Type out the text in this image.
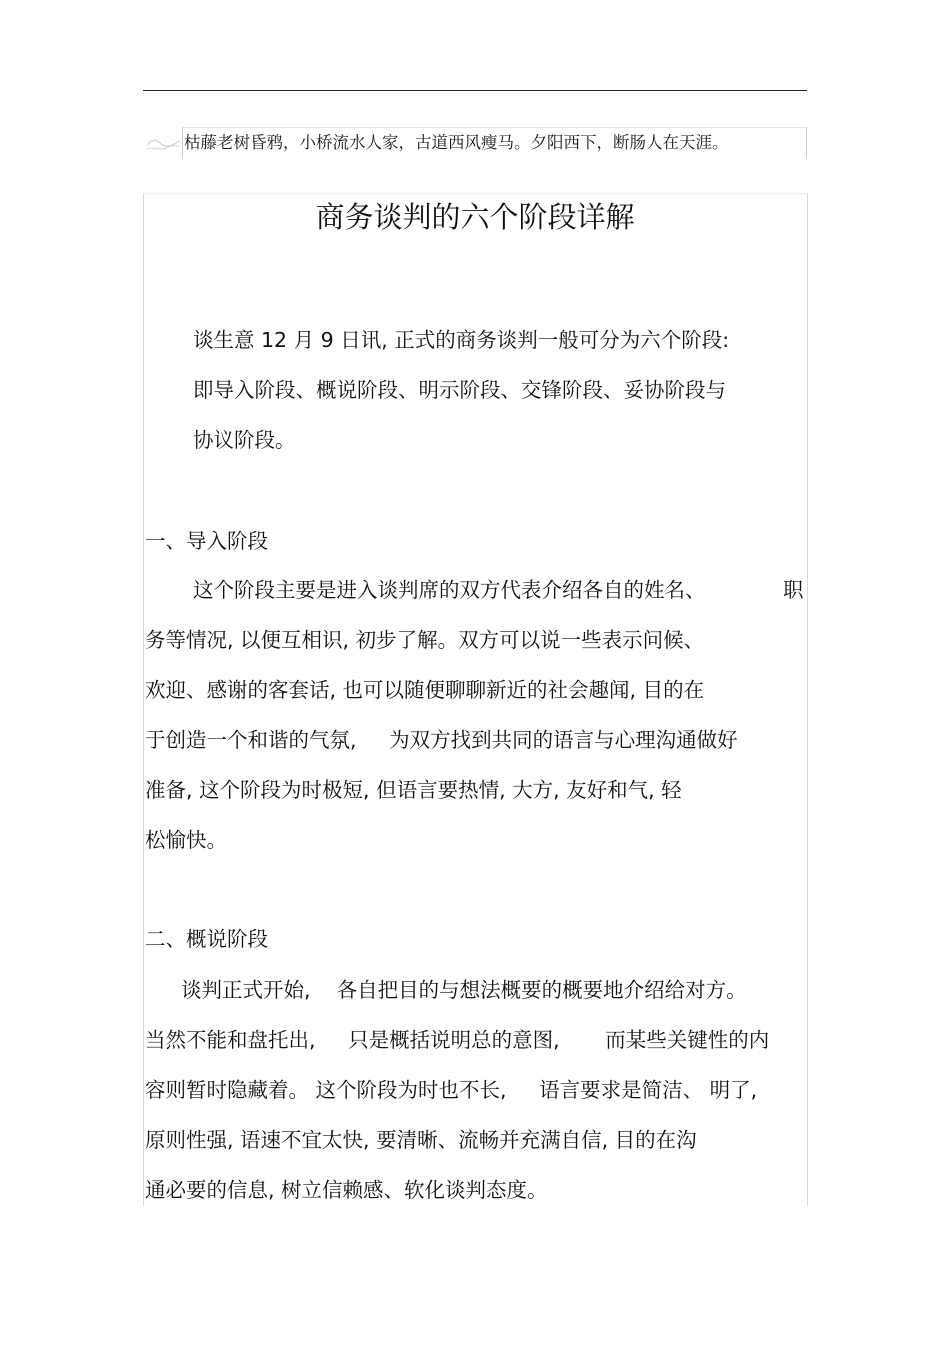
枯藤老树昏鸦，小桥流水人家，古道西风瘦马。夕阳西下，断肠人在天涯。
商务谈判的六个阶段详解
谈生意 12 月 9 日讯, 正式的商务谈判一般可分为六个阶段:
即导入阶段、概说阶段、明示阶段、交锋阶段、妥协阶段与
协议阶段。
一、导入阶段
这个阶段主要是进入谈判席的双方代表介绍各自的姓名、	职
务等情况, 以便互相识, 初步了解。双方可以说一些表示问候、
欢迎、感谢的客套话, 也可以随便聊聊新近的社会趣闻, 目的在
于创造一个和谐的气氛,     为双方找到共同的语言与心理沟通做好
准备, 这个阶段为时极短, 但语言要热情, 大方, 友好和气, 轻
松愉快。
二、概说阶段
谈判正式开始,    各自把目的与想法概要的概要地介绍给对方。
当然不能和盘托出,     只是概括说明总的意图,       而某些关键性的内
容则暂时隐藏着。 这个阶段为时也不长,     语言要求是简洁、 明了,
原则性强, 语速不宜太快, 要清晰、流畅并充满自信, 目的在沟
通必要的信息, 树立信赖感、软化谈判态度。
